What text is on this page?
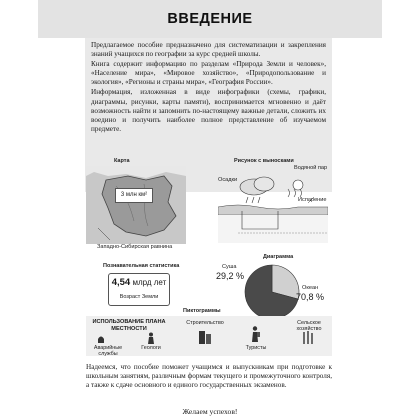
ВВЕДЕНИЕ

Предлагаемое пособие предназначено для систематизации и закрепления знаний учащихся по географии за курс средней школы.

Книга содержит информацию по разделам «Природа Земли и человек», «Население мира», «Мировое хозяйство», «Природопользование и экология», «Регионы и страны мира», «География России».

Информация, изложенная в виде инфографики (схемы, графики, диаграммы, рисунки, карты памяти), воспринимается мгновенно и даёт возможность найти и запомнить по-настоящему важные детали, сложить их воедино и получить наиболее полное представление об изучаемом предмете.

Карта
3 млн км²
Западно-Сибирская равнина
Рисунок с выносками
Водяной пар
Осадки
Испарение
Познавательная статистика
4,54 млрд лет
Возраст Земли
Диаграмма
Суша
29,2 %
Океан
70,8 %
Пиктограммы
ИСПОЛЬЗОВАНИЕ ПЛАНА
МЕСТНОСТИ
Аварийные службы
Геологи
Строительство
Туристы
Сельское хозяйство
Надеемся, что пособие поможет учащимся и выпускникам при подготовке к школьным занятиям, различным формам текущего и промежуточного контроля, а также к сдаче основного и единого государственных экзаменов.
Желаем успехов!
